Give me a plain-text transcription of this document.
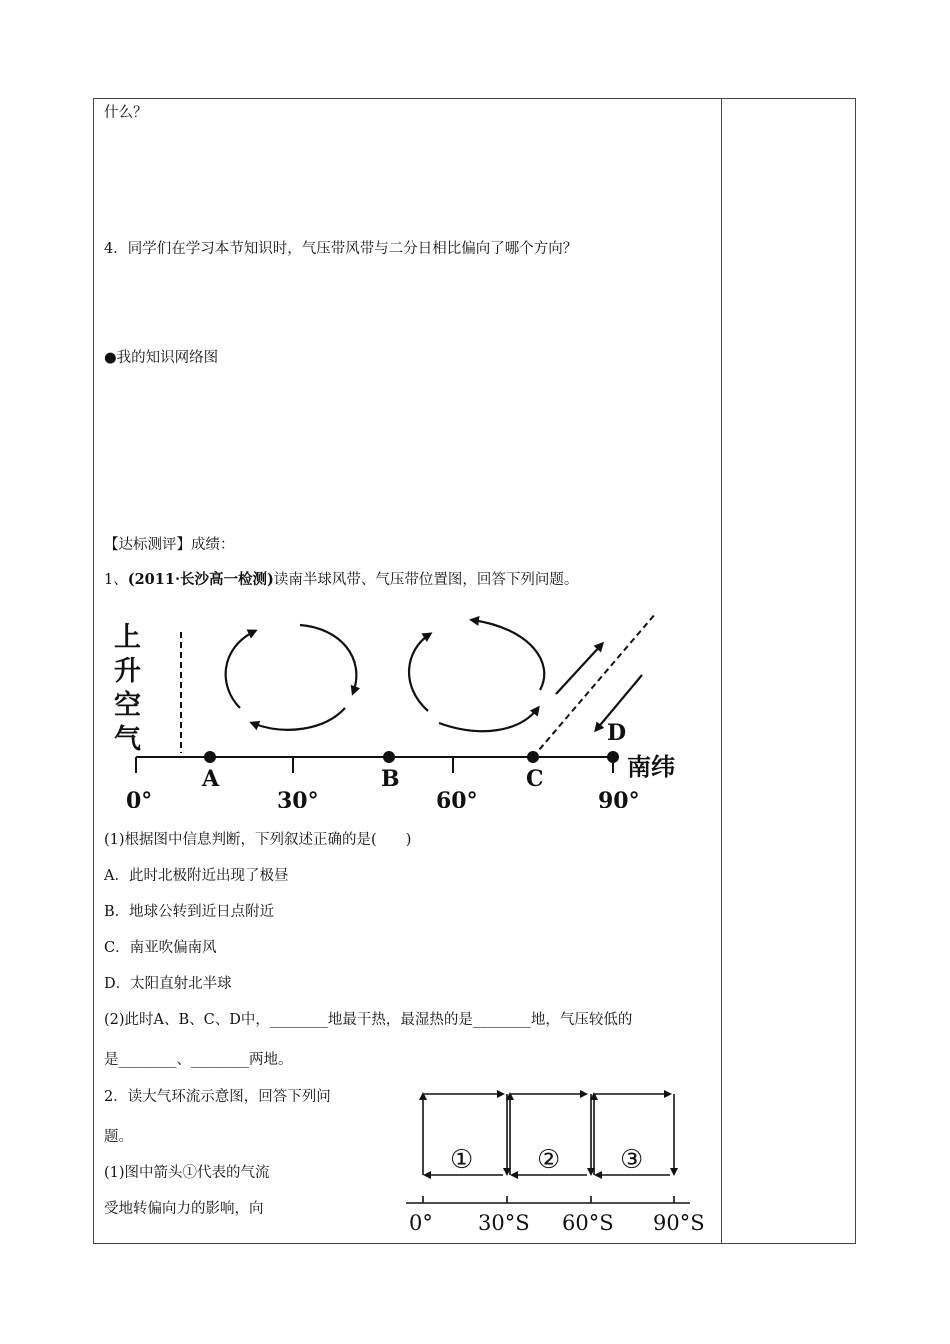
什么？
4．同学们在学习本节知识时，气压带风带与二分日相比偏向了哪个方向？
●我的知识网络图
【达标测评】成绩：
1、(2011·长沙高一检测)读南半球风带、气压带位置图，回答下列问题。
上
升
空
气
A	B	C
D
0°	30°	60°	90°
南纬
(1)根据图中信息判断，下列叙述正确的是(　　)
A．此时北极附近出现了极昼
B．地球公转到近日点附近
C．南亚吹偏南风
D．太阳直射北半球
(2)此时A、B、C、D中，________地最干热，最湿热的是________地，气压较低的
是________、________两地。
2．读大气环流示意图，回答下列问
题。
(1)图中箭头①代表的气流
受地转偏向力的影响，向
① ② ③
0° 30°S 60°S 90°S
